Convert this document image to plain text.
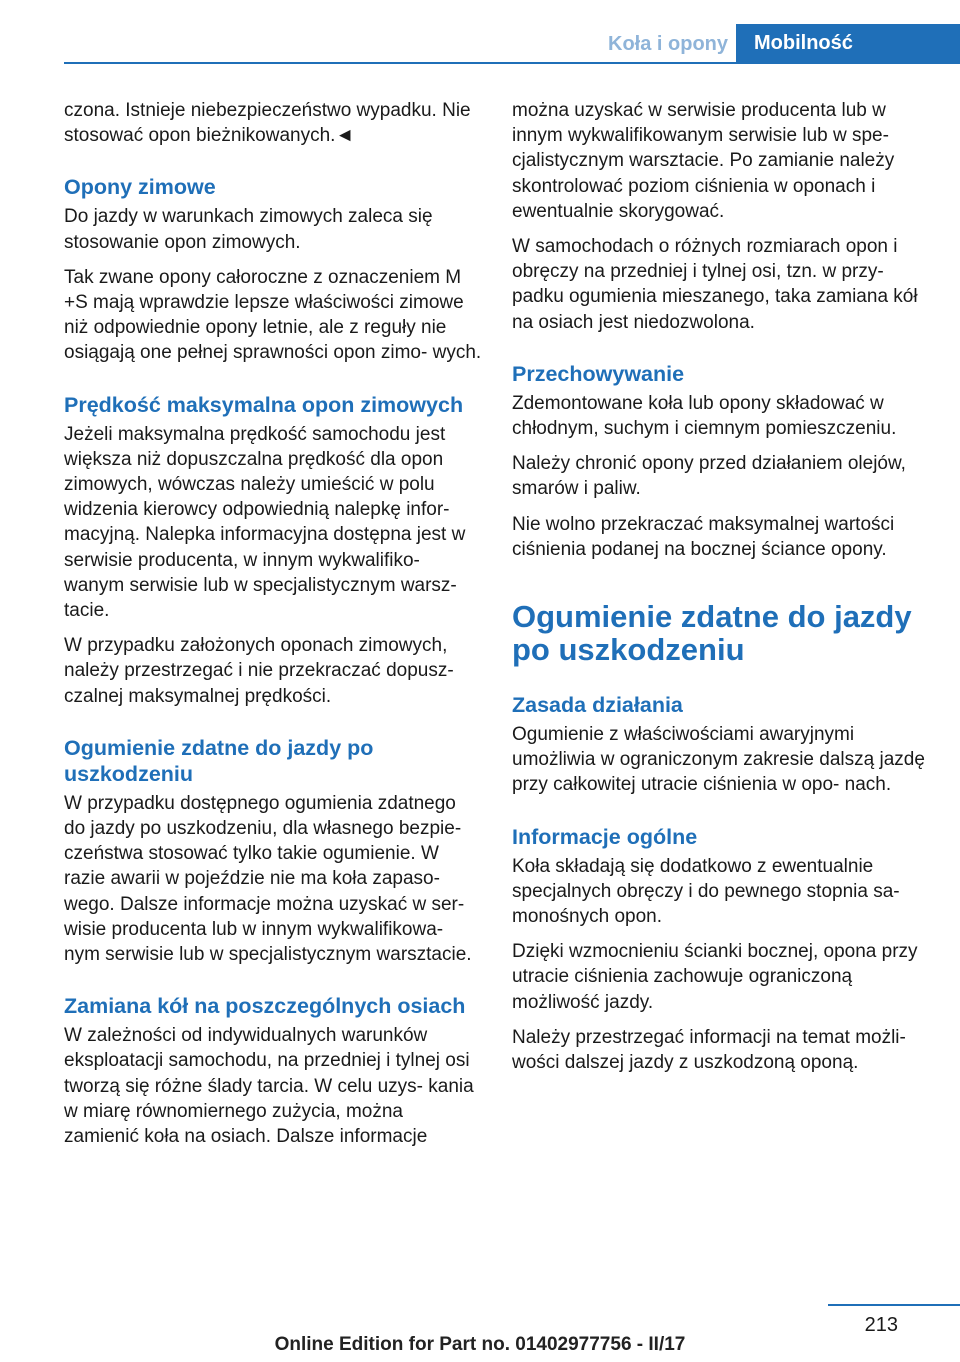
Koła i opony	Mobilność

czona. Istnieje niebezpieczeństwo wypadku. Nie stosować opon bieżnikowanych.◄

Opony zimowe

Do jazdy w warunkach zimowych zaleca się stosowanie opon zimowych.

Tak zwane opony całoroczne z oznaczeniem M +S mają wprawdzie lepsze właściwości zimowe niż odpowiednie opony letnie, ale z reguły nie osiągają one pełnej sprawności opon zimo‐ wych.

Prędkość maksymalna opon zimowych

Jeżeli maksymalna prędkość samochodu jest większa niż dopuszczalna prędkość dla opon zimowych, wówczas należy umieścić w polu widzenia kierowcy odpowiednią nalepkę infor‐ macyjną. Nalepka informacyjna dostępna jest w serwisie producenta, w innym wykwalifiko‐ wanym serwisie lub w specjalistycznym warsz‐ tacie.

W przypadku założonych oponach zimowych, należy przestrzegać i nie przekraczać dopusz‐ czalnej maksymalnej prędkości.

Ogumienie zdatne do jazdy po uszkodzeniu

W przypadku dostępnego ogumienia zdatnego do jazdy po uszkodzeniu, dla własnego bezpie‐ czeństwa stosować tylko takie ogumienie. W razie awarii w pojeździe nie ma koła zapaso‐ wego. Dalsze informacje można uzyskać w ser‐ wisie producenta lub w innym wykwalifikowa‐ nym serwisie lub w specjalistycznym warsztacie.

Zamiana kół na poszczególnych osiach

W zależności od indywidualnych warunków eksploatacji samochodu, na przedniej i tylnej osi tworzą się różne ślady tarcia. W celu uzys‐ kania w miarę równomiernego zużycia, można zamienić koła na osiach. Dalsze informacje

można uzyskać w serwisie producenta lub w innym wykwalifikowanym serwisie lub w spe‐ cjalistycznym warsztacie. Po zamianie należy skontrolować poziom ciśnienia w oponach i ewentualnie skorygować.

W samochodach o różnych rozmiarach opon i obręczy na przedniej i tylnej osi, tzn. w przy‐ padku ogumienia mieszanego, taka zamiana kół na osiach jest niedozwolona.

Przechowywanie

Zdemontowane koła lub opony składować w chłodnym, suchym i ciemnym pomieszczeniu.

Należy chronić opony przed działaniem olejów, smarów i paliw.

Nie wolno przekraczać maksymalnej wartości ciśnienia podanej na bocznej ściance opony.

Ogumienie zdatne do jazdy po uszkodzeniu
Zasada działania

Ogumienie z właściwościami awaryjnymi umożliwia w ograniczonym zakresie dalszą jazdę przy całkowitej utracie ciśnienia w opo‐ nach.

Informacje ogólne

Koła składają się dodatkowo z ewentualnie specjalnych obręczy i do pewnego stopnia sa‐ monośnych opon.

Dzięki wzmocnieniu ścianki bocznej, opona przy utracie ciśnienia zachowuje ograniczoną możliwość jazdy.

Należy przestrzegać informacji na temat możli‐ wości dalszej jazdy z uszkodzoną oponą.

213
Online Edition for Part no. 01402977756 - II/17
